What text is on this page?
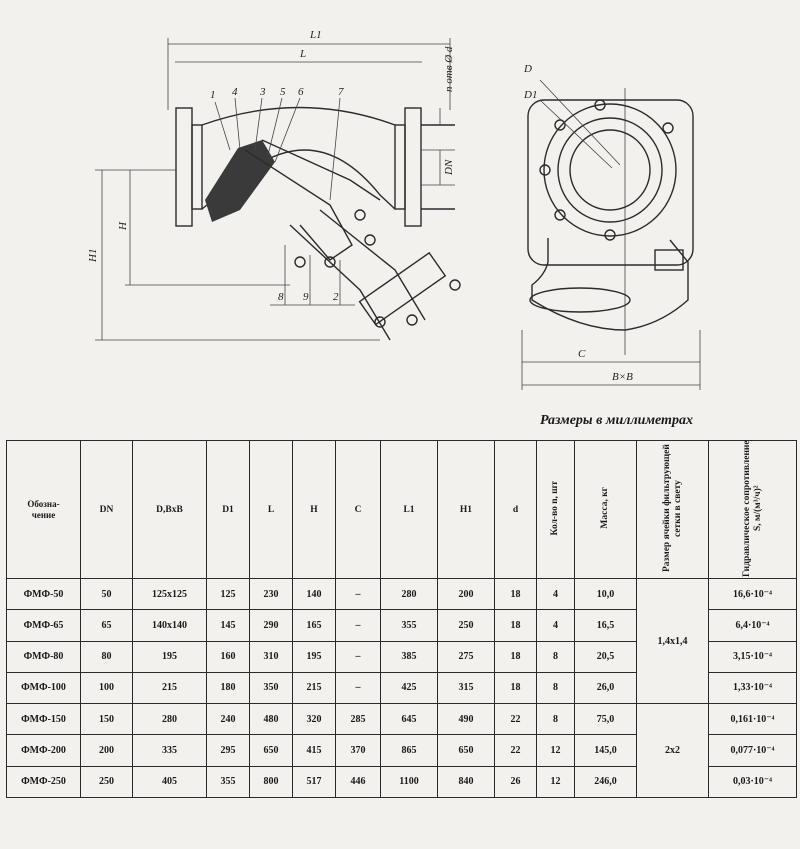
L1
L
1 4 3 5 6	7
8 9 2
n отв Ø d
DN
H
H1
D
D1
C
B×B
Размеры в миллиметрах
Обозна-
чение	DN	D,BxB	D1	L	H	C	L1	H1	d	Кол-во n, шт	Масса, кг	Размер ячейки фильтрующей сетки в свету	Гидравлическое сопротивление S, м/(м³/ч)²
ФМФ-50	50	125x125	125	230	140	–	280	200	18	4	10,0	1,4x1,4	16,6·10⁻⁴
ФМФ-65	65	140x140	145	290	165	–	355	250	18	4	16,5		6,4·10⁻⁴
ФМФ-80	80	195	160	310	195	–	385	275	18	8	20,5		3,15·10⁻⁴
ФМФ-100	100	215	180	350	215	–	425	315	18	8	26,0		1,33·10⁻⁴
ФМФ-150	150	280	240	480	320	285	645	490	22	8	75,0	2x2	0,161·10⁻⁴
ФМФ-200	200	335	295	650	415	370	865	650	22	12	145,0		0,077·10⁻⁴
ФМФ-250	250	405	355	800	517	446	1100	840	26	12	246,0		0,03·10⁻⁴
